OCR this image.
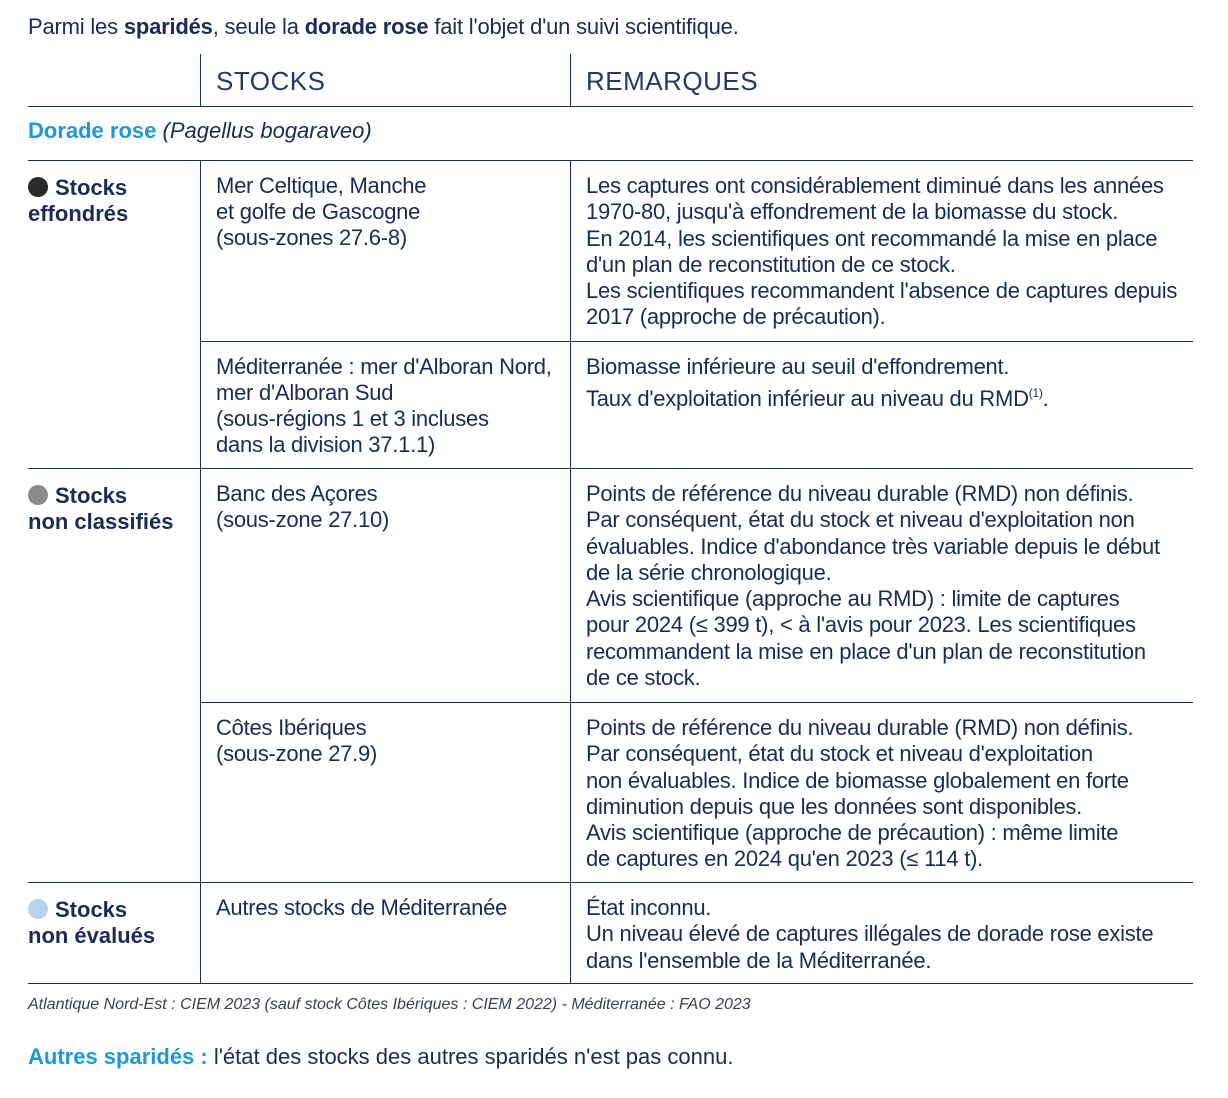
Parmi les sparidés, seule la dorade rose fait l'objet d'un suivi scientifique.
STOCKS	REMARQUES
Dorade rose (Pagellus bogaraveo)
Stocks
effondrés
Mer Celtique, Manche
et golfe de Gascogne
(sous-zones 27.6-8)
Les captures ont considérablement diminué dans les années
1970-80, jusqu'à effondrement de la biomasse du stock.
En 2014, les scientifiques ont recommandé la mise en place
d'un plan de reconstitution de ce stock.
Les scientifiques recommandent l'absence de captures depuis
2017 (approche de précaution).
Méditerranée : mer d'Alboran Nord,
mer d'Alboran Sud
(sous-régions 1 et 3 incluses
dans la division 37.1.1)
Biomasse inférieure au seuil d'effondrement.
Taux d'exploitation inférieur au niveau du RMD$^{(1)}$.
Stocks
non classifiés
Banc des Açores
(sous-zone 27.10)
Points de référence du niveau durable (RMD) non définis.
Par conséquent, état du stock et niveau d'exploitation non
évaluables. Indice d'abondance très variable depuis le début
de la série chronologique.
Avis scientifique (approche au RMD) : limite de captures
pour 2024 (≤ 399 t), < à l'avis pour 2023. Les scientifiques
recommandent la mise en place d'un plan de reconstitution
de ce stock.
Côtes Ibériques
(sous-zone 27.9)
Points de référence du niveau durable (RMD) non définis.
Par conséquent, état du stock et niveau d'exploitation
non évaluables. Indice de biomasse globalement en forte
diminution depuis que les données sont disponibles.
Avis scientifique (approche de précaution) : même limite
de captures en 2024 qu'en 2023 (≤ 114 t).
Stocks
non évalués
Autres stocks de Méditerranée	État inconnu.
Un niveau élevé de captures illégales de dorade rose existe
dans l'ensemble de la Méditerranée.
Atlantique Nord-Est : CIEM 2023 (sauf stock Côtes Ibériques : CIEM 2022) - Méditerranée : FAO 2023
Autres sparidés : l'état des stocks des autres sparidés n'est pas connu.
